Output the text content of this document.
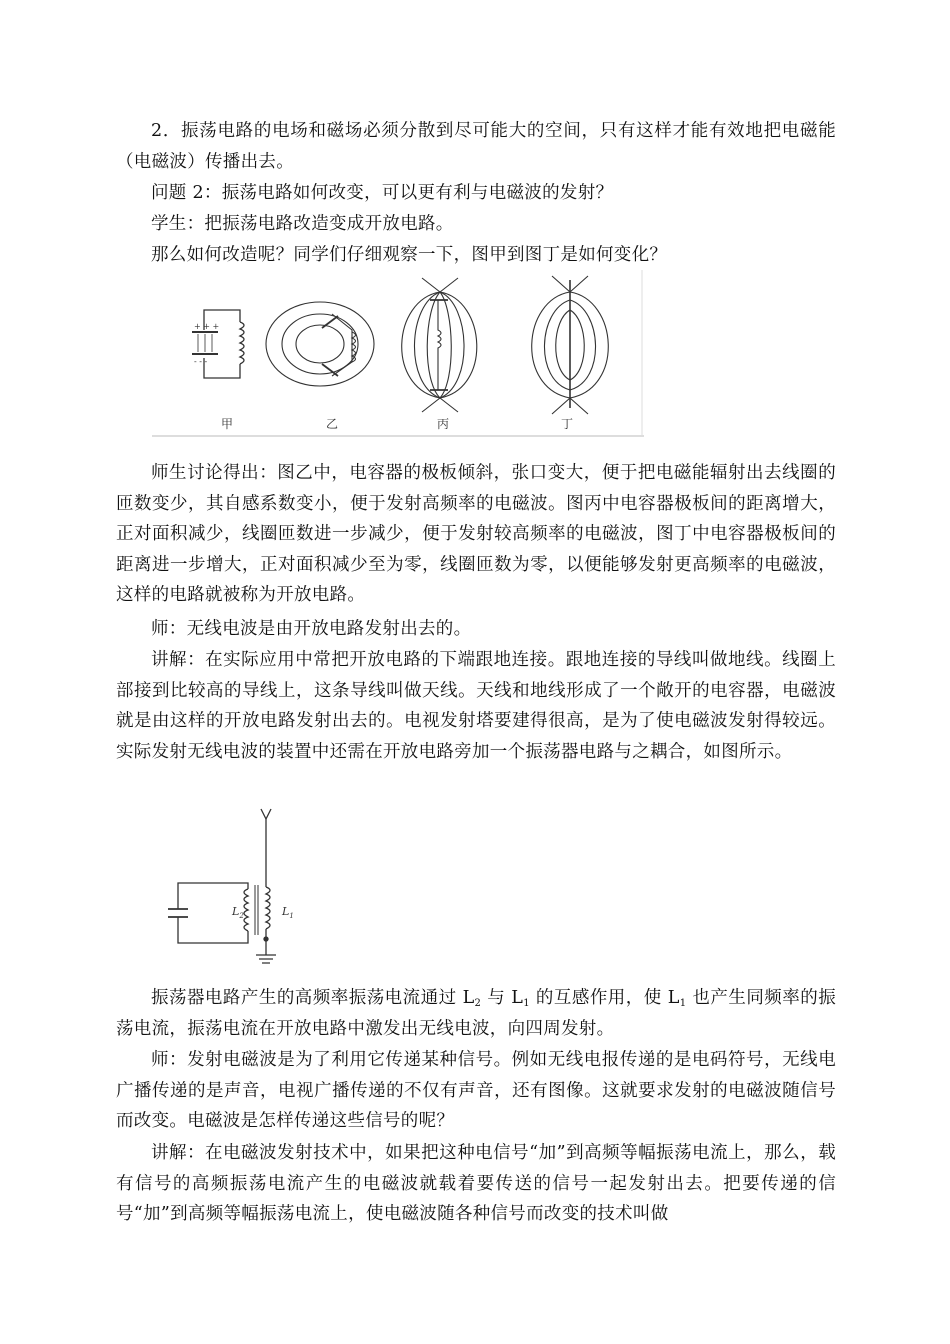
2．振荡电路的电场和磁场必须分散到尽可能大的空间，只有这样才能有效地把电磁能（电磁波）传播出去。

问题 2：振荡电路如何改变，可以更有利与电磁波的发射？

学生：把振荡电路改造变成开放电路。

那么如何改造呢？同学们仔细观察一下，图甲到图丁是如何变化？

师生讨论得出：图乙中，电容器的极板倾斜，张口变大，便于把电磁能辐射出去线圈的匝数变少，其自感系数变小，便于发射高频率的电磁波。图丙中电容器极板间的距离增大，正对面积减少，线圈匝数进一步减少，便于发射较高频率的电磁波，图丁中电容器极板间的距离进一步增大，正对面积减少至为零，线圈匝数为零，以便能够发射更高频率的电磁波，这样的电路就被称为开放电路。

师：无线电波是由开放电路发射出去的。

讲解：在实际应用中常把开放电路的下端跟地连接。跟地连接的导线叫做地线。线圈上部接到比较高的导线上，这条导线叫做天线。天线和地线形成了一个敞开的电容器，电磁波就是由这样的开放电路发射出去的。电视发射塔要建得很高，是为了使电磁波发射得较远。实际发射无线电波的装置中还需在开放电路旁加一个振荡器电路与之耦合，如图所示。

振荡器电路产生的高频率振荡电流通过 $L_2$ 与 $L_1$ 的互感作用，使 $L_1$ 也产生同频率的振荡电流，振荡电流在开放电路中激发出无线电波，向四周发射。

师：发射电磁波是为了利用它传递某种信号。例如无线电报传递的是电码符号，无线电广播传递的是声音，电视广播传递的不仅有声音，还有图像。这就要求发射的电磁波随信号而改变。电磁波是怎样传递这些信号的呢？

讲解：在电磁波发射技术中，如果把这种电信号“加”到高频等幅振荡电流上，那么，载有信号的高频振荡电流产生的电磁波就载着要传送的信号一起发射出去。把要传递的信号“加”到高频等幅振荡电流上，使电磁波随各种信号而改变的技术叫做

+ + +
- - -
甲	乙	丙	丁
$L_2$	$L_1$
